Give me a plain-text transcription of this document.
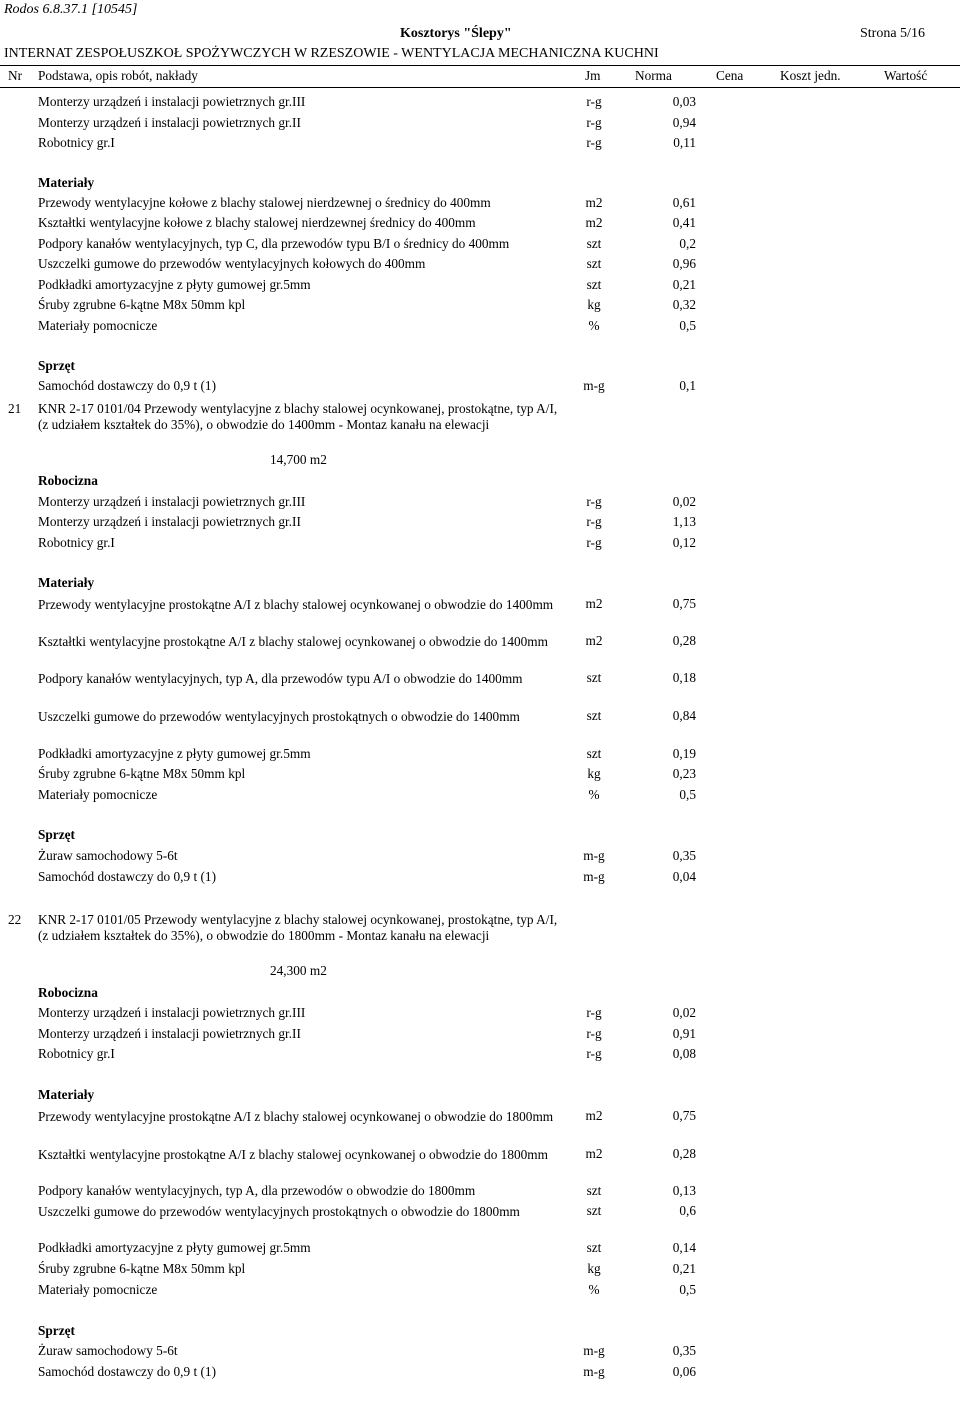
Rodos 6.8.37.1 [10545]
Kosztorys "Ślepy"	Strona 5/16
INTERNAT ZESPOŁUSZKOŁ SPOŻYWCZYCH W RZESZOWIE - WENTYLACJA MECHANICZNA KUCHNI
Nr Podstawa, opis robót, nakłady	Jm	Norma	Cena	Koszt jedn.	Wartość
Monterzy urządzeń i instalacji powietrznych gr.III	r-g	0,03
Monterzy urządzeń i instalacji powietrznych gr.II	r-g	0,94
Robotnicy gr.I	r-g	0,11
Materiały
Przewody wentylacyjne kołowe z blachy stalowej nierdzewnej o średnicy do 400mm	m2	0,61
Kształtki wentylacyjne kołowe z blachy stalowej nierdzewnej średnicy do 400mm	m2	0,41
Podpory kanałów wentylacyjnych, typ C, dla przewodów typu B/I o średnicy do 400mm	szt	0,2
Uszczelki gumowe do przewodów wentylacyjnych kołowych do 400mm	szt	0,96
Podkładki amortyzacyjne z płyty gumowej gr.5mm	szt	0,21
Śruby zgrubne 6-kątne M8x 50mm kpl	kg	0,32
Materiały pomocnicze	%	0,5
Sprzęt
Samochód dostawczy do 0,9 t (1)	m-g	0,1
21 KNR 2-17 0101/04 Przewody wentylacyjne z blachy stalowej ocynkowanej, prostokątne, typ A/I, (z udziałem kształtek do 35%), o obwodzie do 1400mm - Montaz kanału na elewacji
14,700 m2
Robocizna
Monterzy urządzeń i instalacji powietrznych gr.III	r-g	0,02
Monterzy urządzeń i instalacji powietrznych gr.II	r-g	1,13
Robotnicy gr.I	r-g	0,12
Materiały
Przewody wentylacyjne prostokątne A/I z blachy stalowej ocynkowanej o obwodzie do 1400mm	m2	0,75
Kształtki wentylacyjne prostokątne A/I z blachy stalowej ocynkowanej o obwodzie do 1400mm	m2	0,28
Podpory kanałów wentylacyjnych, typ A, dla przewodów typu A/I o obwodzie do 1400mm	szt	0,18
Uszczelki gumowe do przewodów wentylacyjnych prostokątnych o obwodzie do 1400mm	szt	0,84
Podkładki amortyzacyjne z płyty gumowej gr.5mm	szt	0,19
Śruby zgrubne 6-kątne M8x 50mm kpl	kg	0,23
Materiały pomocnicze	%	0,5
Sprzęt
Żuraw samochodowy 5-6t	m-g	0,35
Samochód dostawczy do 0,9 t (1)	m-g	0,04
22 KNR 2-17 0101/05 Przewody wentylacyjne z blachy stalowej ocynkowanej, prostokątne, typ A/I, (z udziałem kształtek do 35%), o obwodzie do 1800mm - Montaz kanału na elewacji
24,300 m2
Robocizna
Monterzy urządzeń i instalacji powietrznych gr.III	r-g	0,02
Monterzy urządzeń i instalacji powietrznych gr.II	r-g	0,91
Robotnicy gr.I	r-g	0,08
Materiały
Przewody wentylacyjne prostokątne A/I z blachy stalowej ocynkowanej o obwodzie do 1800mm	m2	0,75
Kształtki wentylacyjne prostokątne A/I z blachy stalowej ocynkowanej o obwodzie do 1800mm	m2	0,28
Podpory kanałów wentylacyjnych, typ A, dla przewodów o obwodzie do 1800mm	szt	0,13
Uszczelki gumowe do przewodów wentylacyjnych prostokątnych o obwodzie do 1800mm	szt	0,6
Podkładki amortyzacyjne z płyty gumowej gr.5mm	szt	0,14
Śruby zgrubne 6-kątne M8x 50mm kpl	kg	0,21
Materiały pomocnicze	%	0,5
Sprzęt
Żuraw samochodowy 5-6t	m-g	0,35
Samochód dostawczy do 0,9 t (1)	m-g	0,06
